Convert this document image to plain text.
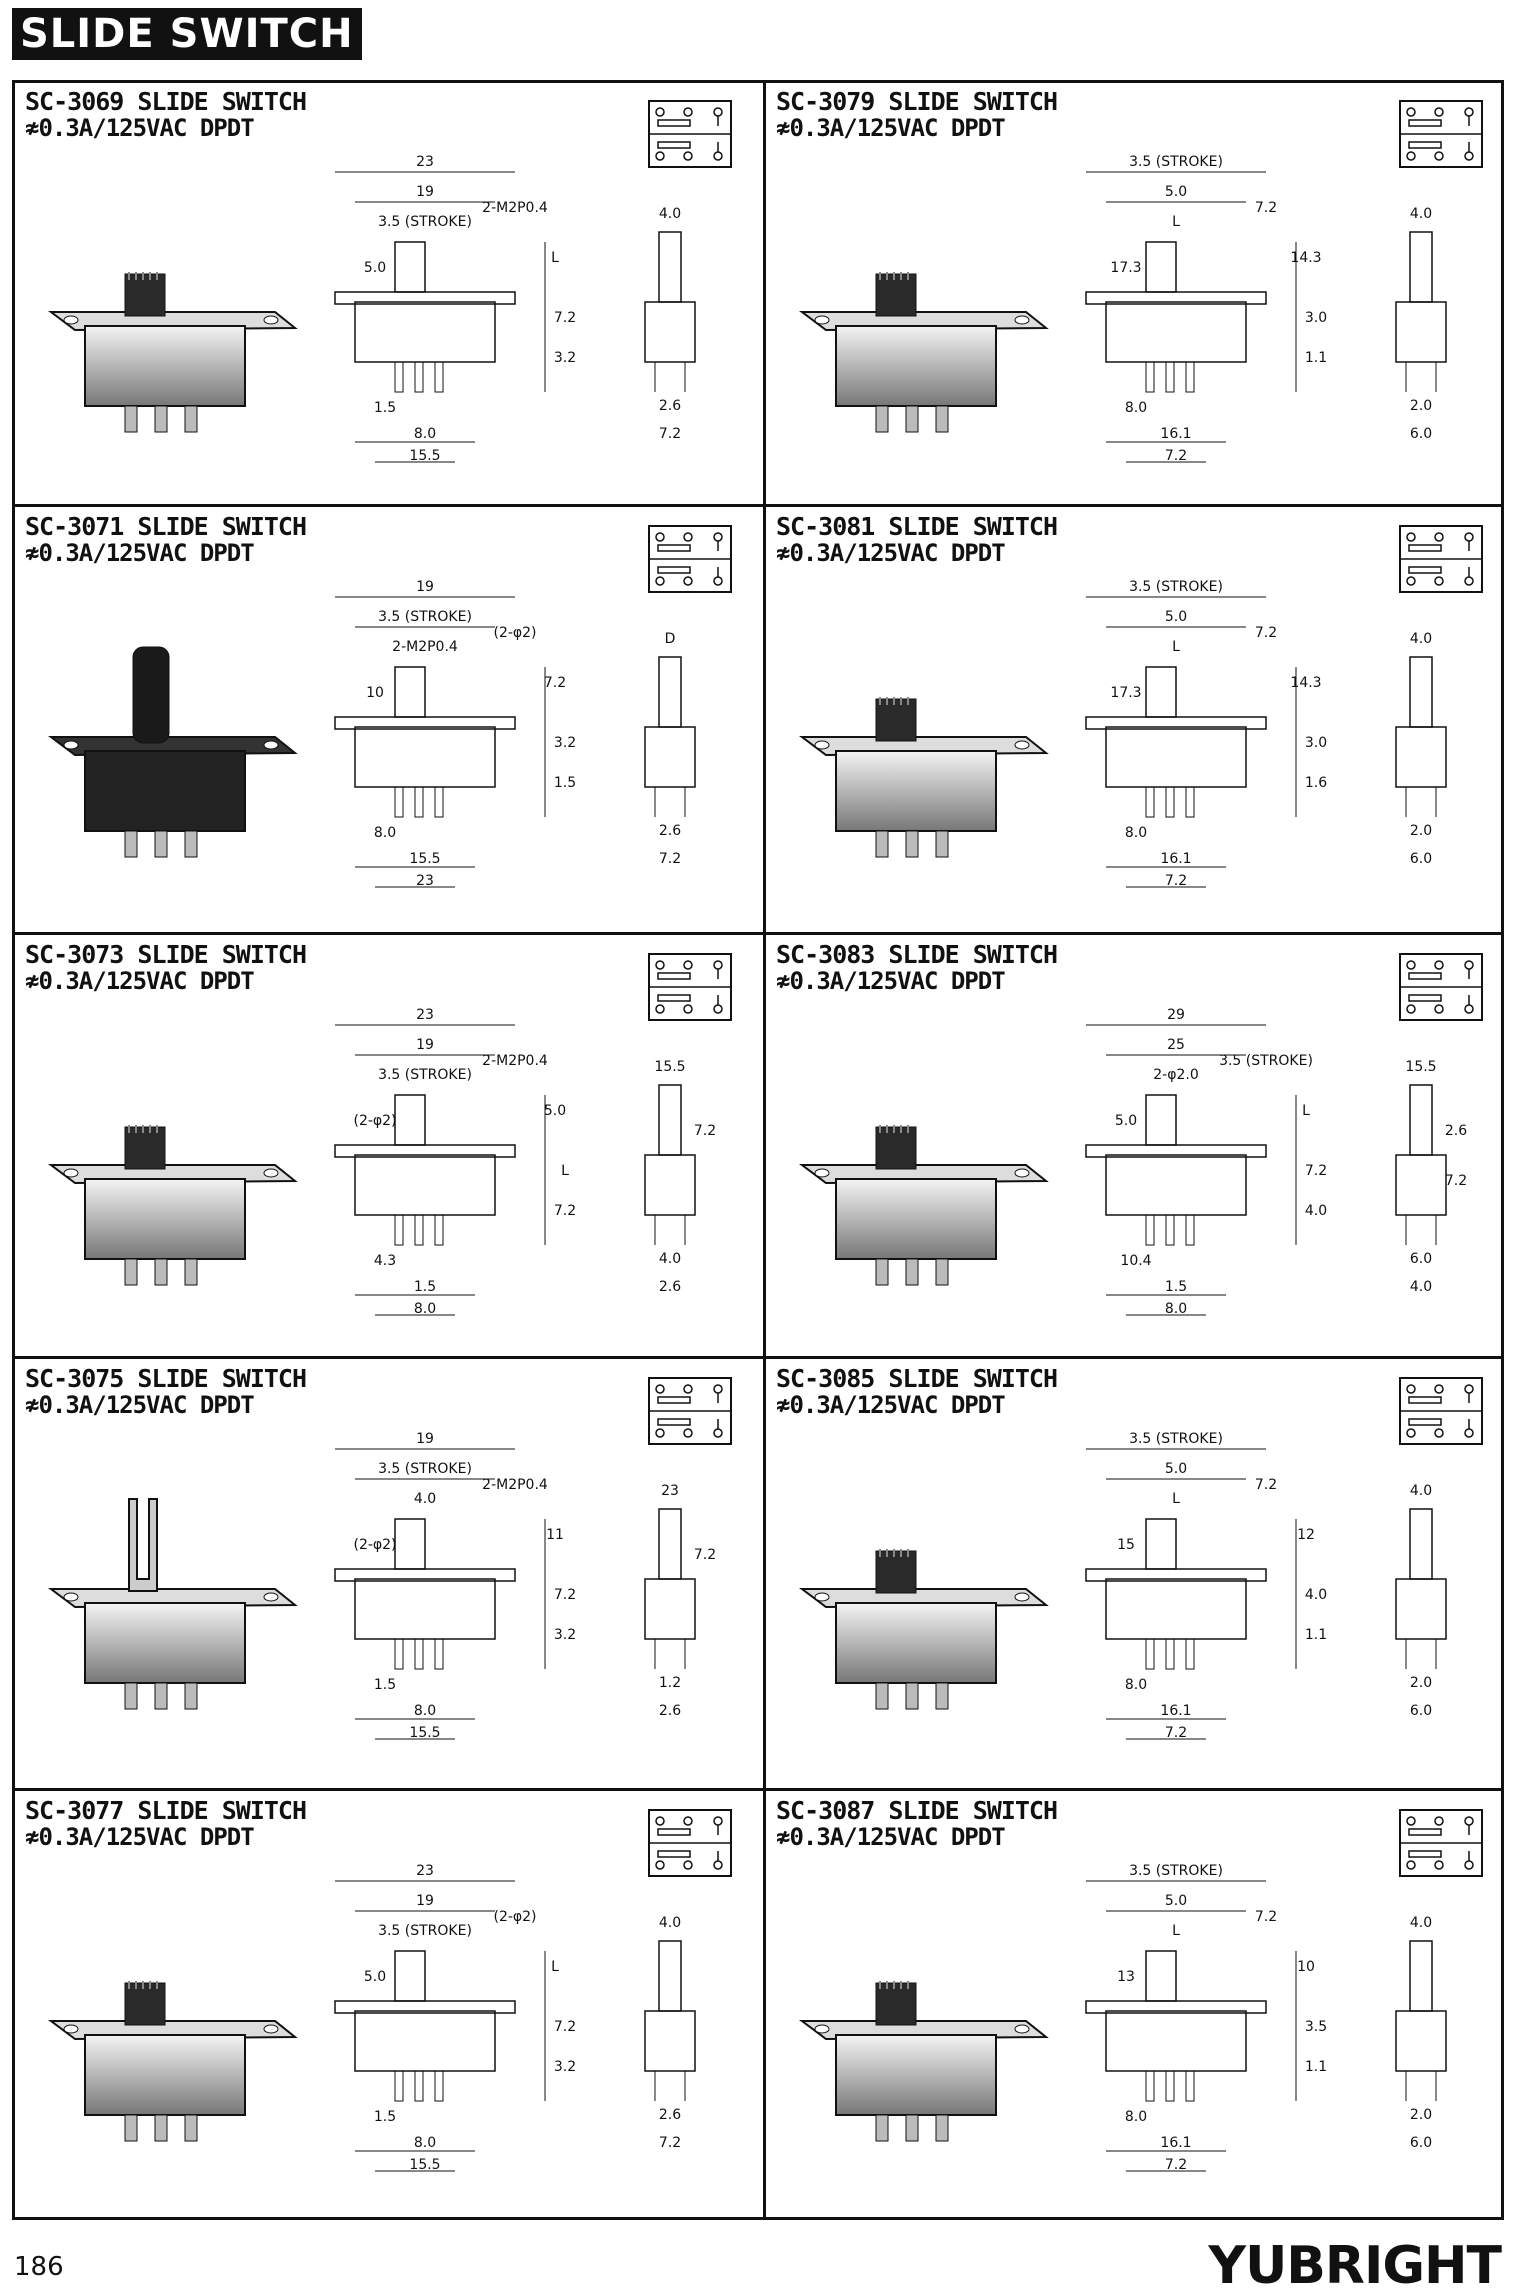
SLIDE SWITCH
SC-3069 SLIDE SWITCH
≉0.3A/125VAC DPDT
23
19
3.5 (STROKE)
2-M2P0.4
5.0
L
7.2
3.2
1.5
8.0
15.5
4.0
2.6
7.2
SC-3079 SLIDE SWITCH
≉0.3A/125VAC DPDT
3.5 (STROKE)
5.0
L
7.2
17.3
14.3
3.0
1.1
8.0
16.1
7.2
4.0
2.0
6.0
SC-3071 SLIDE SWITCH
≉0.3A/125VAC DPDT
19
3.5 (STROKE)
2-M2P0.4
(2-φ2)
10
7.2
3.2
1.5
8.0
15.5
23
D
2.6
7.2
SC-3081 SLIDE SWITCH
≉0.3A/125VAC DPDT
3.5 (STROKE)
5.0
L
7.2
17.3
14.3
3.0
1.6
8.0
16.1
7.2
4.0
2.0
6.0
SC-3073 SLIDE SWITCH
≉0.3A/125VAC DPDT
23
19
3.5 (STROKE)
2-M2P0.4
(2-φ2)
5.0
L
7.2
4.3
1.5
8.0
15.5
4.0
2.6
7.2
SC-3083 SLIDE SWITCH
≉0.3A/125VAC DPDT
29
25
2-φ2.0
3.5 (STROKE)
5.0
L
7.2
4.0
10.4
1.5
8.0
15.5
6.0
4.0
2.6
7.2
SC-3075 SLIDE SWITCH
≉0.3A/125VAC DPDT
19
3.5 (STROKE)
4.0
2-M2P0.4
(2-φ2)
11
7.2
3.2
1.5
8.0
15.5
23
1.2
2.6
7.2
SC-3085 SLIDE SWITCH
≉0.3A/125VAC DPDT
3.5 (STROKE)
5.0
L
7.2
15
12
4.0
1.1
8.0
16.1
7.2
4.0
2.0
6.0
SC-3077 SLIDE SWITCH
≉0.3A/125VAC DPDT
23
19
3.5 (STROKE)
(2-φ2)
5.0
L
7.2
3.2
1.5
8.0
15.5
4.0
2.6
7.2
SC-3087 SLIDE SWITCH
≉0.3A/125VAC DPDT
3.5 (STROKE)
5.0
L
7.2
13
10
3.5
1.1
8.0
16.1
7.2
4.0
2.0
6.0
186	YUBRIGHT
